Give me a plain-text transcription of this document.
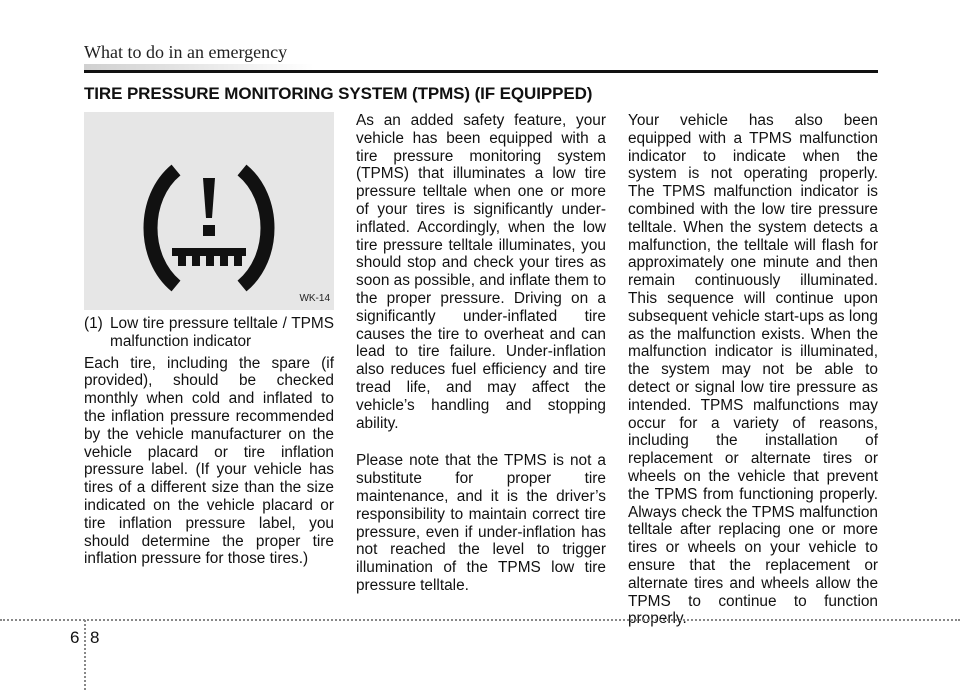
What to do in an emergency
TIRE PRESSURE MONITORING SYSTEM (TPMS) (IF EQUIPPED)
WK-14
(1) Low tire pressure telltale / TPMS malfunction indicator

Each tire, including the spare (if provided), should be checked monthly when cold and inflated to the inflation pressure recommended by the vehicle manufacturer on the vehicle placard or tire inflation pressure label. (If your vehicle has tires of a different size than the size indicated on the vehicle placard or tire inflation pressure label, you should determine the proper tire inflation pressure for those tires.)

As an added safety feature, your vehicle has been equipped with a tire pressure monitoring system (TPMS) that illuminates a low tire pressure telltale when one or more of your tires is significantly under-inflated. Accordingly, when the low tire pressure telltale illuminates, you should stop and check your tires as soon as possible, and inflate them to the proper pressure. Driving on a significantly under-inflated tire causes the tire to overheat and can lead to tire failure. Under-inflation also reduces fuel efficiency and tire tread life, and may affect the vehicle’s handling and stopping ability.

Please note that the TPMS is not a substitute for proper tire maintenance, and it is the driver’s responsibility to maintain correct tire pressure, even if under-inflation has not reached the level to trigger illumination of the TPMS low tire pressure telltale.

Your vehicle has also been equipped with a TPMS malfunction indicator to indicate when the system is not operating properly. The TPMS malfunction indicator is combined with the low tire pressure telltale. When the system detects a malfunction, the telltale will flash for approximately one minute and then remain continuously illuminated. This sequence will continue upon subsequent vehicle start-ups as long as the malfunction exists. When the malfunction indicator is illuminated, the system may not be able to detect or signal low tire pressure as intended. TPMS malfunctions may occur for a variety of reasons, including the installation of replacement or alternate tires or wheels on the vehicle that prevent the TPMS from functioning properly. Always check the TPMS malfunction telltale after replacing one or more tires or wheels on your vehicle to ensure that the replacement or alternate tires and wheels allow the TPMS to continue to function properly.

6 8
